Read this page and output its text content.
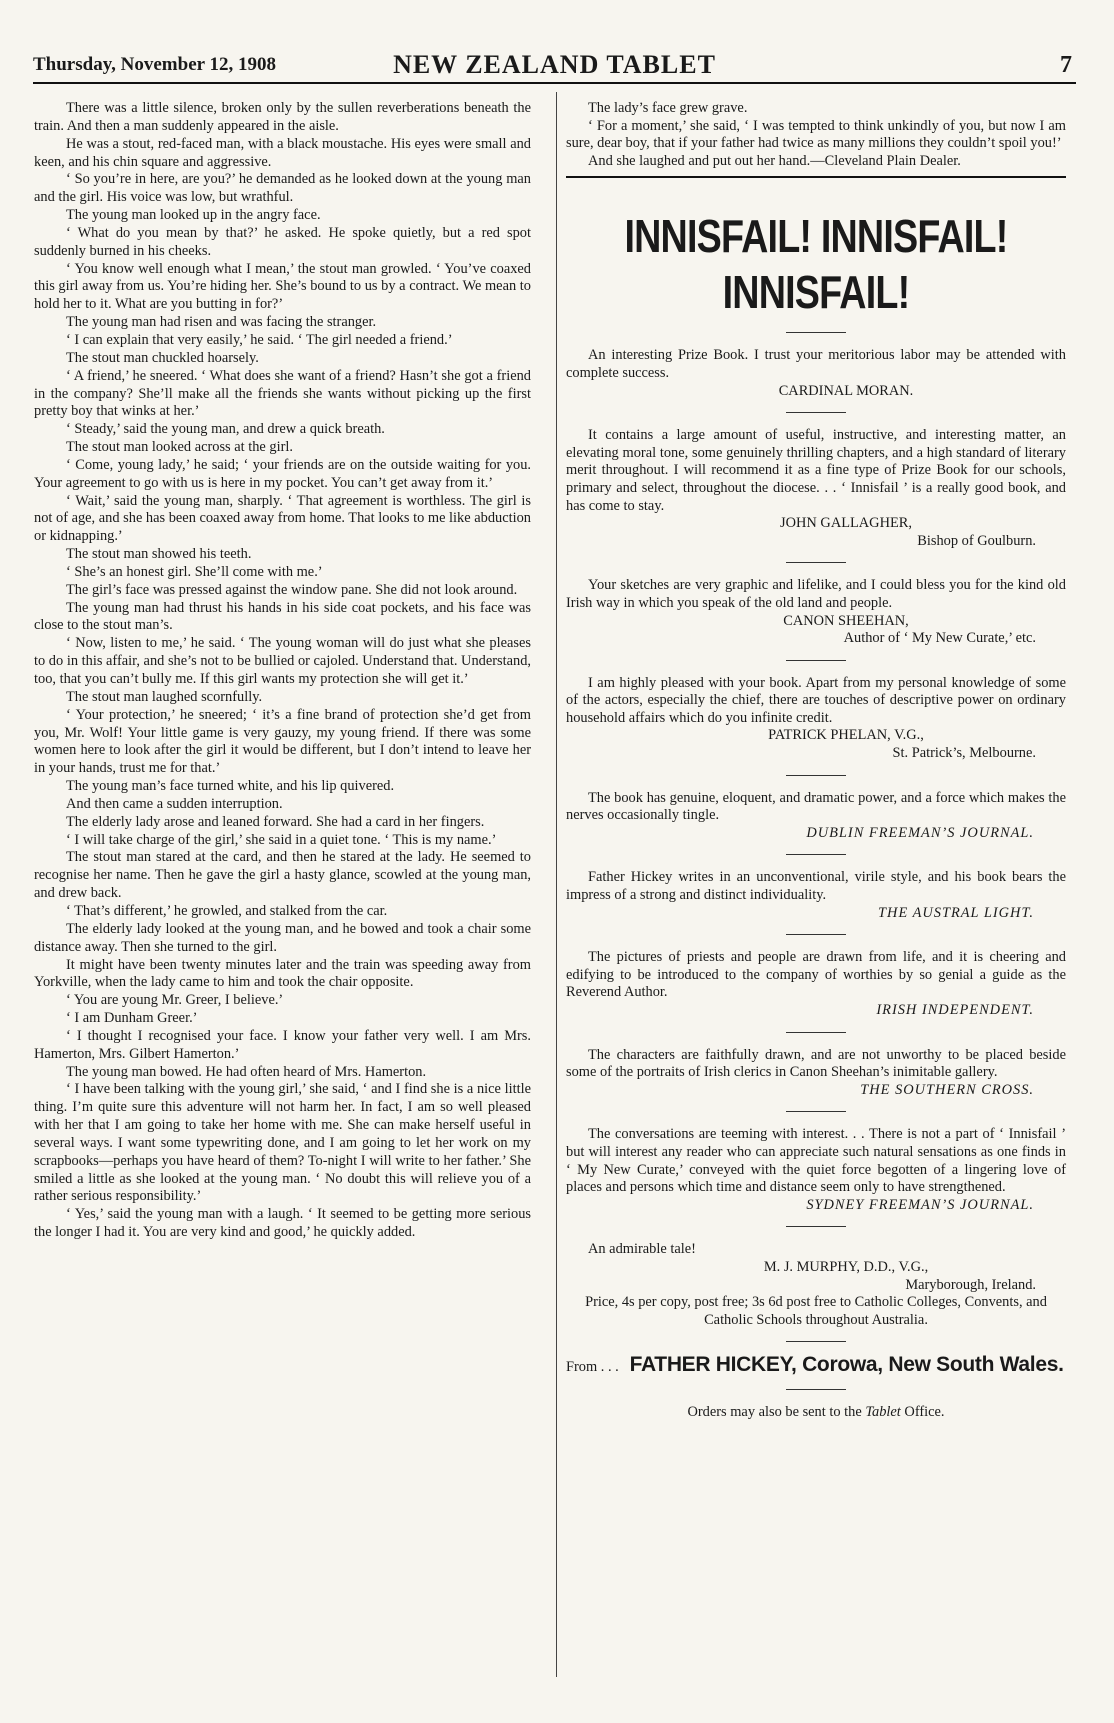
Thursday, November 12, 1908	NEW ZEALAND TABLET	7

There was a little silence, broken only by the sullen reverberations beneath the train. And then a man suddenly appeared in the aisle.

He was a stout, red-faced man, with a black moustache. His eyes were small and keen, and his chin square and aggressive.

‘ So you’re in here, are you?’ he demanded as he looked down at the young man and the girl. His voice was low, but wrathful.

The young man looked up in the angry face.

‘ What do you mean by that?’ he asked. He spoke quietly, but a red spot suddenly burned in his cheeks.

‘ You know well enough what I mean,’ the stout man growled. ‘ You’ve coaxed this girl away from us. You’re hiding her. She’s bound to us by a contract. We mean to hold her to it. What are you butting in for?’

The young man had risen and was facing the stranger.

‘ I can explain that very easily,’ he said. ‘ The girl needed a friend.’

The stout man chuckled hoarsely.

‘ A friend,’ he sneered. ‘ What does she want of a friend? Hasn’t she got a friend in the company? She’ll make all the friends she wants without picking up the first pretty boy that winks at her.’

‘ Steady,’ said the young man, and drew a quick breath.

The stout man looked across at the girl.

‘ Come, young lady,’ he said; ‘ your friends are on the outside waiting for you. Your agreement to go with us is here in my pocket. You can’t get away from it.’

‘ Wait,’ said the young man, sharply. ‘ That agreement is worthless. The girl is not of age, and she has been coaxed away from home. That looks to me like abduction or kidnapping.’

The stout man showed his teeth.

‘ She’s an honest girl. She’ll come with me.’

The girl’s face was pressed against the window pane. She did not look around.

The young man had thrust his hands in his side coat pockets, and his face was close to the stout man’s.

‘ Now, listen to me,’ he said. ‘ The young woman will do just what she pleases to do in this affair, and she’s not to be bullied or cajoled. Understand that. Understand, too, that you can’t bully me. If this girl wants my protection she will get it.’

The stout man laughed scornfully.

‘ Your protection,’ he sneered; ‘ it’s a fine brand of protection she’d get from you, Mr. Wolf! Your little game is very gauzy, my young friend. If there was some women here to look after the girl it would be different, but I don’t intend to leave her in your hands, trust me for that.’

The young man’s face turned white, and his lip quivered.

And then came a sudden interruption.

The elderly lady arose and leaned forward. She had a card in her fingers.

‘ I will take charge of the girl,’ she said in a quiet tone. ‘ This is my name.’

The stout man stared at the card, and then he stared at the lady. He seemed to recognise her name. Then he gave the girl a hasty glance, scowled at the young man, and drew back.

‘ That’s different,’ he growled, and stalked from the car.

The elderly lady looked at the young man, and he bowed and took a chair some distance away. Then she turned to the girl.

It might have been twenty minutes later and the train was speeding away from Yorkville, when the lady came to him and took the chair opposite.

‘ You are young Mr. Greer, I believe.’

‘ I am Dunham Greer.’

‘ I thought I recognised your face. I know your father very well. I am Mrs. Hamerton, Mrs. Gilbert Hamerton.’

The young man bowed. He had often heard of Mrs. Hamerton.

‘ I have been talking with the young girl,’ she said, ‘ and I find she is a nice little thing. I’m quite sure this adventure will not harm her. In fact, I am so well pleased with her that I am going to take her home with me. She can make herself useful in several ways. I want some typewriting done, and I am going to let her work on my scrapbooks—perhaps you have heard of them? To-night I will write to her father.’ She smiled a little as she looked at the young man. ‘ No doubt this will relieve you of a rather serious responsibility.’

‘ Yes,’ said the young man with a laugh. ‘ It seemed to be getting more serious the longer I had it. You are very kind and good,’ he quickly added.

The lady’s face grew grave.

‘ For a moment,’ she said, ‘ I was tempted to think unkindly of you, but now I am sure, dear boy, that if your father had twice as many millions they couldn’t spoil you!’

And she laughed and put out her hand.—Cleveland Plain Dealer.

INNISFAIL! INNISFAIL!
INNISFAIL!

An interesting Prize Book. I trust your meritorious labor may be attended with complete success.

CARDINAL MORAN.

It contains a large amount of useful, instructive, and interesting matter, an elevating moral tone, some genuinely thrilling chapters, and a high standard of literary merit throughout. I will recommend it as a fine type of Prize Book for our schools, primary and select, throughout the diocese. . . ‘ Innisfail ’ is a really good book, and has come to stay.

JOHN GALLAGHER,

Bishop of Goulburn.

Your sketches are very graphic and lifelike, and I could bless you for the kind old Irish way in which you speak of the old land and people.

CANON SHEEHAN,

Author of ‘ My New Curate,’ etc.

I am highly pleased with your book. Apart from my personal knowledge of some of the actors, especially the chief, there are touches of descriptive power on ordinary household affairs which do you infinite credit.

PATRICK PHELAN, V.G.,

St. Patrick’s, Melbourne.

The book has genuine, eloquent, and dramatic power, and a force which makes the nerves occasionally tingle.

DUBLIN FREEMAN’S JOURNAL.

Father Hickey writes in an unconventional, virile style, and his book bears the impress of a strong and distinct individuality.

THE AUSTRAL LIGHT.

The pictures of priests and people are drawn from life, and it is cheering and edifying to be introduced to the company of worthies by so genial a guide as the Reverend Author.

IRISH INDEPENDENT.

The characters are faithfully drawn, and are not unworthy to be placed beside some of the portraits of Irish clerics in Canon Sheehan’s inimitable gallery.

THE SOUTHERN CROSS.

The conversations are teeming with interest. . . There is not a part of ‘ Innisfail ’ but will interest any reader who can appreciate such natural sensations as one finds in ‘ My New Curate,’ conveyed with the quiet force begotten of a lingering love of places and persons which time and distance seem only to have strengthened.

SYDNEY FREEMAN’S JOURNAL.

An admirable tale!

M. J. MURPHY, D.D., V.G.,

Maryborough, Ireland.

Price, 4s per copy, post free; 3s 6d post free to Catholic Colleges, Convents, and Catholic Schools throughout Australia.

From . . . FATHER HICKEY, Corowa, New South Wales.

Orders may also be sent to the Tablet Office.
